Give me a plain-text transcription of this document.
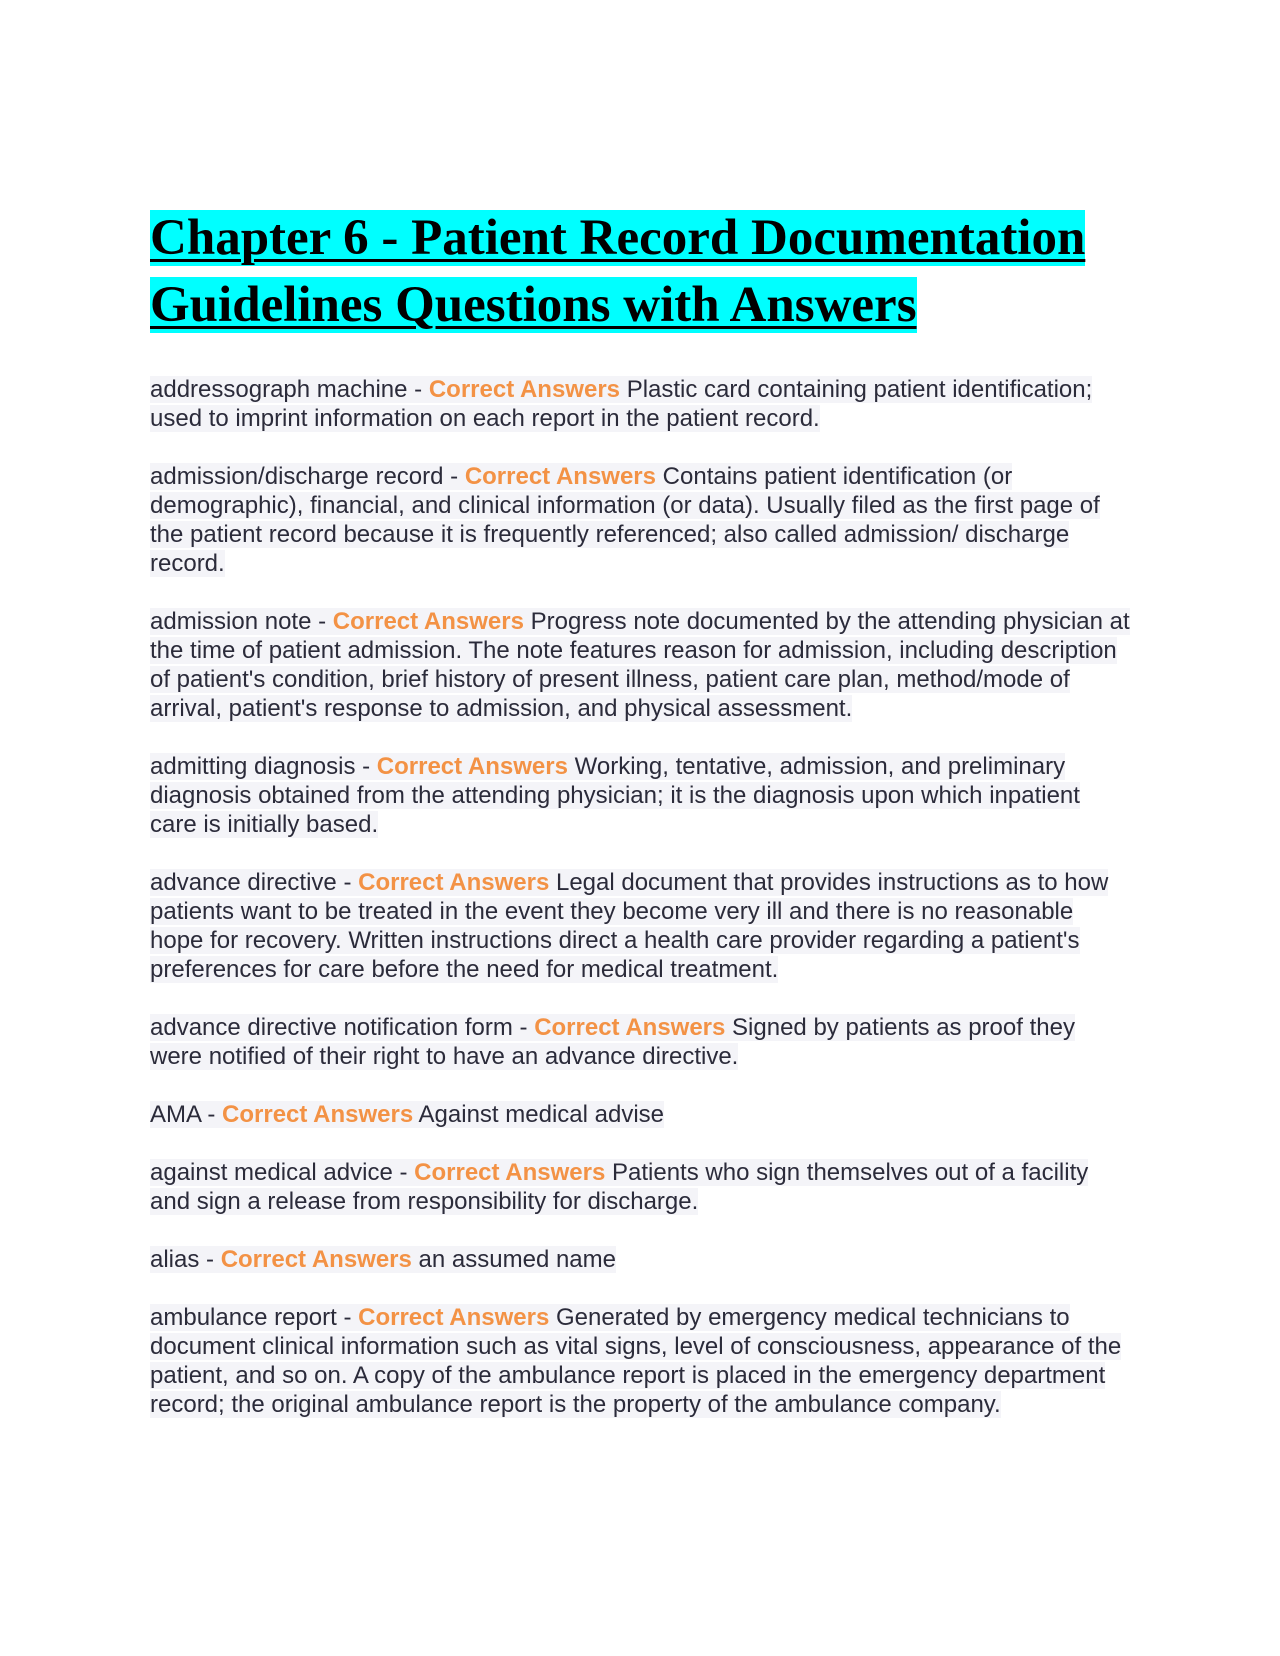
Chapter 6 - Patient Record Documentation
Guidelines Questions with Answers

addressograph machine - Correct Answers Plastic card containing patient identification; used to imprint information on each report in the patient record.

admission/discharge record - Correct Answers Contains patient identification (or demographic), financial, and clinical information (or data). Usually filed as the first page of the patient record because it is frequently referenced; also called admission/ discharge record.

admission note - Correct Answers Progress note documented by the attending physician at the time of patient admission. The note features reason for admission, including description of patient's condition, brief history of present illness, patient care plan, method/mode of arrival, patient's response to admission, and physical assessment.

admitting diagnosis - Correct Answers Working, tentative, admission, and preliminary diagnosis obtained from the attending physician; it is the diagnosis upon which inpatient care is initially based.

advance directive - Correct Answers Legal document that provides instructions as to how patients want to be treated in the event they become very ill and there is no reasonable hope for recovery. Written instructions direct a health care provider regarding a patient's preferences for care before the need for medical treatment.

advance directive notification form - Correct Answers Signed by patients as proof they were notified of their right to have an advance directive.

AMA - Correct Answers Against medical advise

against medical advice - Correct Answers Patients who sign themselves out of a facility and sign a release from responsibility for discharge.

alias - Correct Answers an assumed name

ambulance report - Correct Answers Generated by emergency medical technicians to document clinical information such as vital signs, level of consciousness, appearance of the patient, and so on. A copy of the ambulance report is placed in the emergency department record; the original ambulance report is the property of the ambulance company.
